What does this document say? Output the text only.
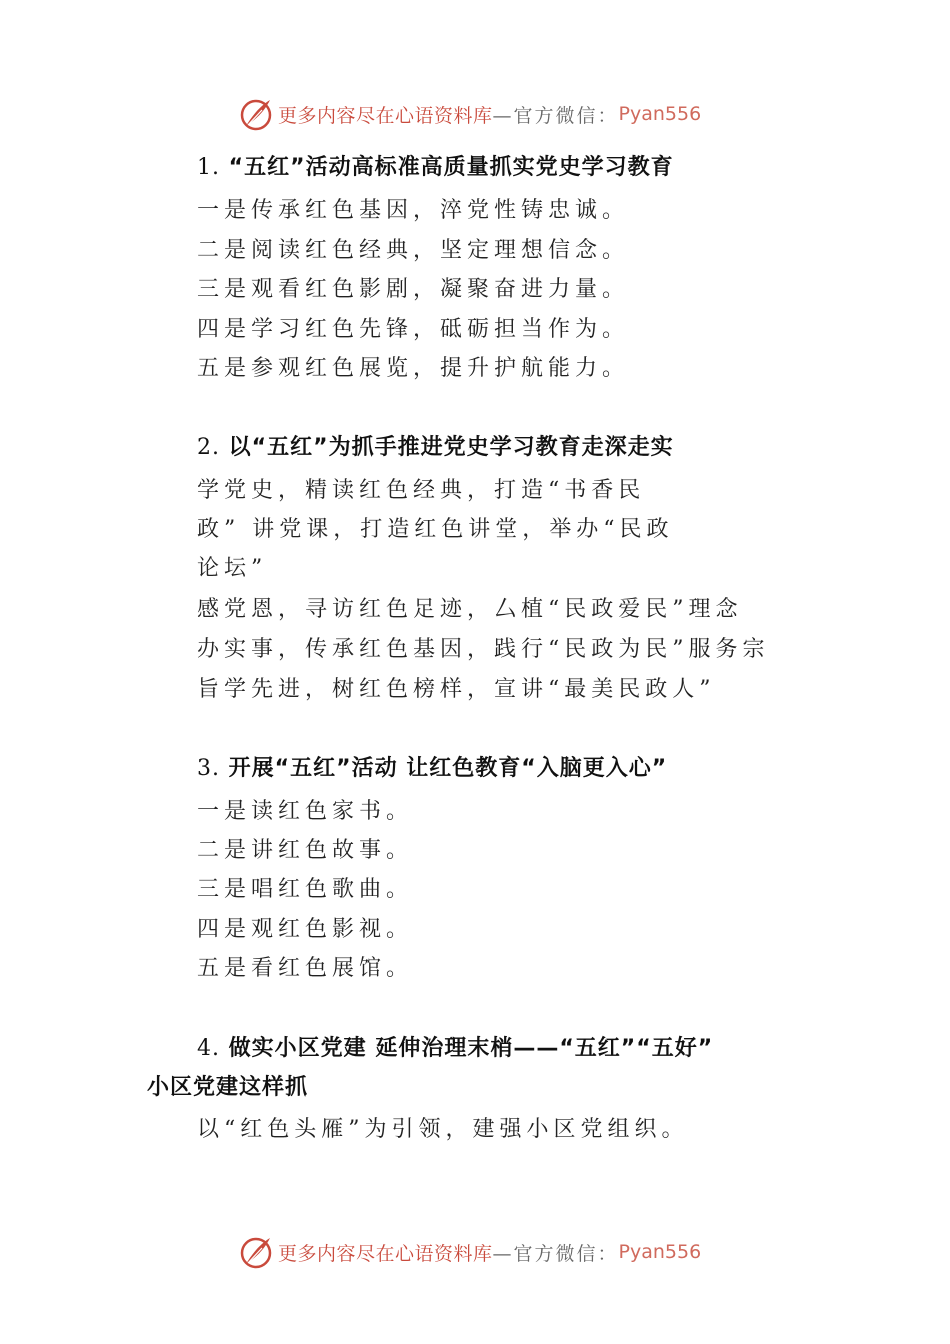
更多内容尽在心语资料库 —官方微信： Pyan556
1. “五红”活动高标准高质量抓实党史学习教育
一是传承红色基因，淬党性铸忠诚。
二是阅读红色经典，坚定理想信念。
三是观看红色影剧，凝聚奋进力量。
四是学习红色先锋，砥砺担当作为。
五是参观红色展览，提升护航能力。
2. 以“五红”为抓手推进党史学习教育走深走实
学党史，精读红色经典，打造“书香民
政” 讲党课，打造红色讲堂，举办“民政
论坛”
感党恩，寻访红色足迹，厶植“民政爱民”理念
办实事，传承红色基因，践行“民政为民”服务宗
旨学先进，树红色榜样，宣讲“最美民政人”
3. 开展“五红”活动 让红色教育“入脑更入心”
一是读红色家书。
二是讲红色故事。
三是唱红色歌曲。
四是观红色影视。
五是看红色展馆。
4. 做实小区党建 延伸治理末梢——“五红”“五好”
小区党建这样抓
以“红色头雁”为引领，建强小区党组织。
更多内容尽在心语资料库 —官方微信： Pyan556
